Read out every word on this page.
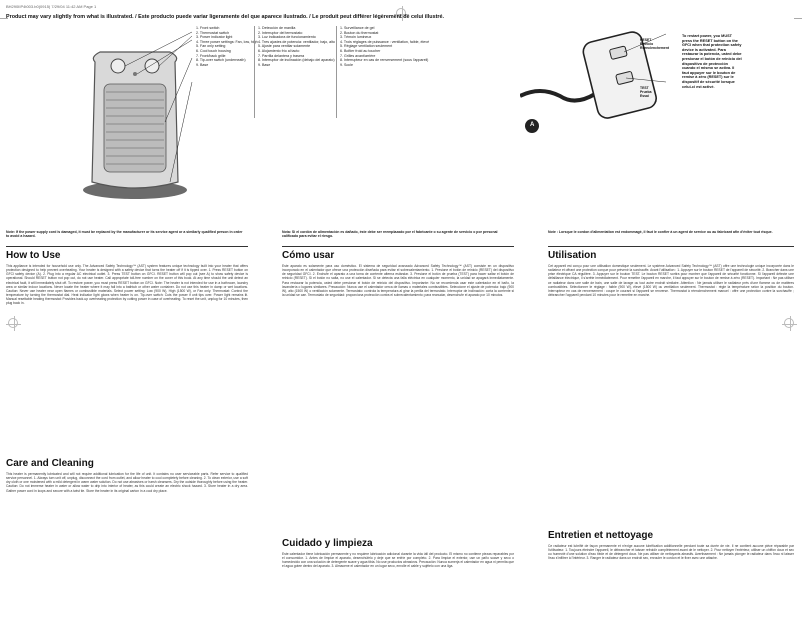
BH290IIP4t003.b0(0915) 7/29/04 11:42 AM Page 1
Product may vary slightly from what is illustrated. / Este producto puede variar ligeramente del que aparece ilustrado. / Le produit peut différer légèrement de celui illustré.
1. Front switch
2. Thermostat switch
3. Power indicator light
4. Three power settings: Fan, low, high
5. Fan only setting
6. Cool touch housing
7. Front/back grille
8. Tip-over switch (underneath)
9. Base
1. Detección de manilla
2. Interruptor del termostato
3. Luz indicadora de funcionamiento
4. Tres ajustes de potencia: ventilador, bajo, alto
5. Ajuste para ventilar solamente
6. Alojamiento frío al tacto
7. Parrilla delantera y trasera
8. Interruptor de inclinación (debajo del aparato)
9. Base
1. Surveillance de gel
2. Bouton du thermostat
3. Témoin lumineux
4. Trois réglages de puissance : ventilation, faible, élevé
5. Réglage ventilation seulement
6. Boîtier froid au toucher
7. Grilles avant/arrière
8. Interrupteur en cas de renversement (sous l'appareil)
9. Socle
RESET
Reinicio
Réenclenchement
TEST
Prueba
Essai
A
To restart power, you MUST press the RESET button on the GFCI when that protection safety device is activated. Para restaurar la potencia, usted debe presionar el botón de reinicio del dispositivo de protección cuando el mismo se activa. Il faut appuyer sur le bouton de remise à zéro (RESET) sur le dispositif de sécurité lorsque celui-ci est activé.
Note: If the power supply cord is damaged, it must be replaced by the manufacturer or its service agent or a similarly qualified person in order to avoid a hazard.
Nota: Si el cordón de alimentación es dañado, éste debe ser reemplazado por el fabricante o su agente de servicio o por personal calificado para evitar el riesgo.
Note : Lorsque le cordon d'alimentation est endommagé, il faut le confier à un agent de service ou au fabricant afin d'éviter tout risque.
How to Use
This appliance is intended for household use only. The Advanced Safety Technology™ (AST) system features unique technology built into your heater that offers protection designed to help prevent overheating. Your heater is designed with a safety device that turns the heater off if it is tipped over. 1. Press RESET button on GFCI safety device (A). 2. Plug into a regular AC electrical outlet. 3. Press TEST button on GFCI. RESET button will pop out (see A) to show safety device is operational. Should RESET button not pop out, do not use heater. Call appropriate toll-free number on the cover of this book. At any time should the unit detect an electrical fault, it will immediately shut off. To restore power, you must press RESET button on GFCI. Note: The heater is not intended for use in a bathroom, laundry area or similar indoor locations. Never locate the heater where it may fall into a bathtub or other water container. Do not use this heater in damp or wet locations. Caution: Never use heater near open flames or combustible materials. Select power setting: Low (900 W), High (1500 W), or Fan only. Thermostat: Control the temperature by turning the thermostat dial. Heat indicator light glows when heater is on. Tip-over switch: Cuts the power if unit tips over. Power light remains lit. Manual resettable heating thermostat: Provides back-up overheating protection by cutting power in case of overheating. To reset the unit, unplug for 10 minutes, then plug back in.
Care and Cleaning
This heater is permanently lubricated and will not require additional lubrication for the life of unit. It contains no user serviceable parts. Refer service to qualified service personnel. 1. Always turn unit off, unplug, disconnect the cord from outlet, and allow heater to cool completely before cleaning. 2. To clean exterior, use a soft dry cloth or one moistened with a mild detergent in warm water solution. Do not use abrasives or harsh cleansers. Dry the outside thoroughly before using the heater. Caution: Do not immerse heater in water or allow water to drip into interior of heater, as this could create an electric shock hazard. 3. Store heater in a dry area. Gather power cord in loops and secure with a twist tie. Store the heater in its original carton in a cool dry place.
Cómo usar
Este aparato es solamente para uso doméstico. El sistema de seguridad avanzado Advanced Safety Technology™ (AST) consiste en un dispositivo incorporado en el calentador que ofrece una protección diseñada para evitar el sobrecalentamiento. 1. Presione el botón de reinicio (RESET) del dispositivo de seguridad GFCI. 2. Enchufe el aparato a una toma de corriente alterna estándar. 3. Presione el botón de prueba (TEST) para hacer saltar el botón de reinicio (RESET). Si el botón no salta, no use el calentador. Si se detecta una falla eléctrica en cualquier momento, la unidad se apagará inmediatamente. Para restaurar la potencia, usted debe presionar el botón de reinicio del dispositivo. Importante: No se recomienda usar este calentador en el baño, la lavandería o lugares similares. Precaución: Nunca use el calentador cerca de llamas o materiales combustibles. Seleccione el ajuste de potencia: bajo (900 W), alto (1500 W) o ventilación solamente. Termostato: controla la temperatura al girar la perilla del termostato. Interruptor de inclinación: corta la corriente si la unidad se cae. Termostato de seguridad: proporciona protección contra el sobrecalentamiento; para reanudar, desenchufe el aparato por 10 minutos.
Cuidado y limpieza
Este calentador tiene lubricación permanente y no requiere lubricación adicional durante la vida útil del producto. El mismo no contiene piezas reparables por el consumidor. 1. Antes de limpiar el aparato, desenchúfelo y deje que se enfríe por completo. 2. Para limpiar el exterior, use un paño suave y seco o humedecido con una solución de detergente suave y agua tibia. No use productos abrasivos. Precaución: Nunca sumerja el calentador en agua ni permita que el agua gotee dentro del aparato. 3. Almacene el calentador en un lugar seco, enrolle el cable y sujételo con una liga.
Utilisation
Cet appareil est conçu pour une utilisation domestique seulement. Le système Advanced Safety Technology™ (AST) offre une technologie unique incorporée dans le radiateur et offrant une protection conçue pour prévenir la surchauffe. Avant l'utilisation : 1. Appuyer sur le bouton RESET de l'appareil de sécurité. 2. Brancher dans une prise électrique CA régulière. 3. Appuyer sur le bouton TEST. Le bouton RESET sortira pour montrer que l'appareil de sécurité fonctionne. Si l'appareil détecte une défaillance électrique, il s'arrête immédiatement. Pour remettre l'appareil en marche, il faut appuyer sur le bouton de remise à zéro (RESET). Important : Ne pas utiliser ce radiateur dans une salle de bain, une salle de lavage ou tout autre endroit similaire. Attention : Ne jamais utiliser le radiateur près d'une flamme ou de matières combustibles. Sélectionner le réglage : faible (900 W), élevé (1500 W) ou ventilation seulement. Thermostat : règle la température selon la position du bouton. Interrupteur en cas de renversement : coupe le courant si l'appareil se renverse. Thermostat à réenclenchement manuel : offre une protection contre la surchauffe ; débrancher l'appareil pendant 10 minutes pour le remettre en marche.
Entretien et nettoyage
Ce radiateur est lubrifié de façon permanente et n'exige aucune lubrification additionnelle pendant toute sa durée de vie. Il ne contient aucune pièce réparable par l'utilisateur. 1. Toujours éteindre l'appareil, le débrancher et laisser refroidir complètement avant de le nettoyer. 2. Pour nettoyer l'extérieur, utiliser un chiffon doux et sec ou humecté d'une solution d'eau tiède et de détergent doux. Ne pas utiliser de nettoyants abrasifs. Avertissement : Ne jamais plonger le radiateur dans l'eau ni laisser l'eau s'infiltrer à l'intérieur. 3. Ranger le radiateur dans un endroit sec, enrouler le cordon et le fixer avec une attache.
